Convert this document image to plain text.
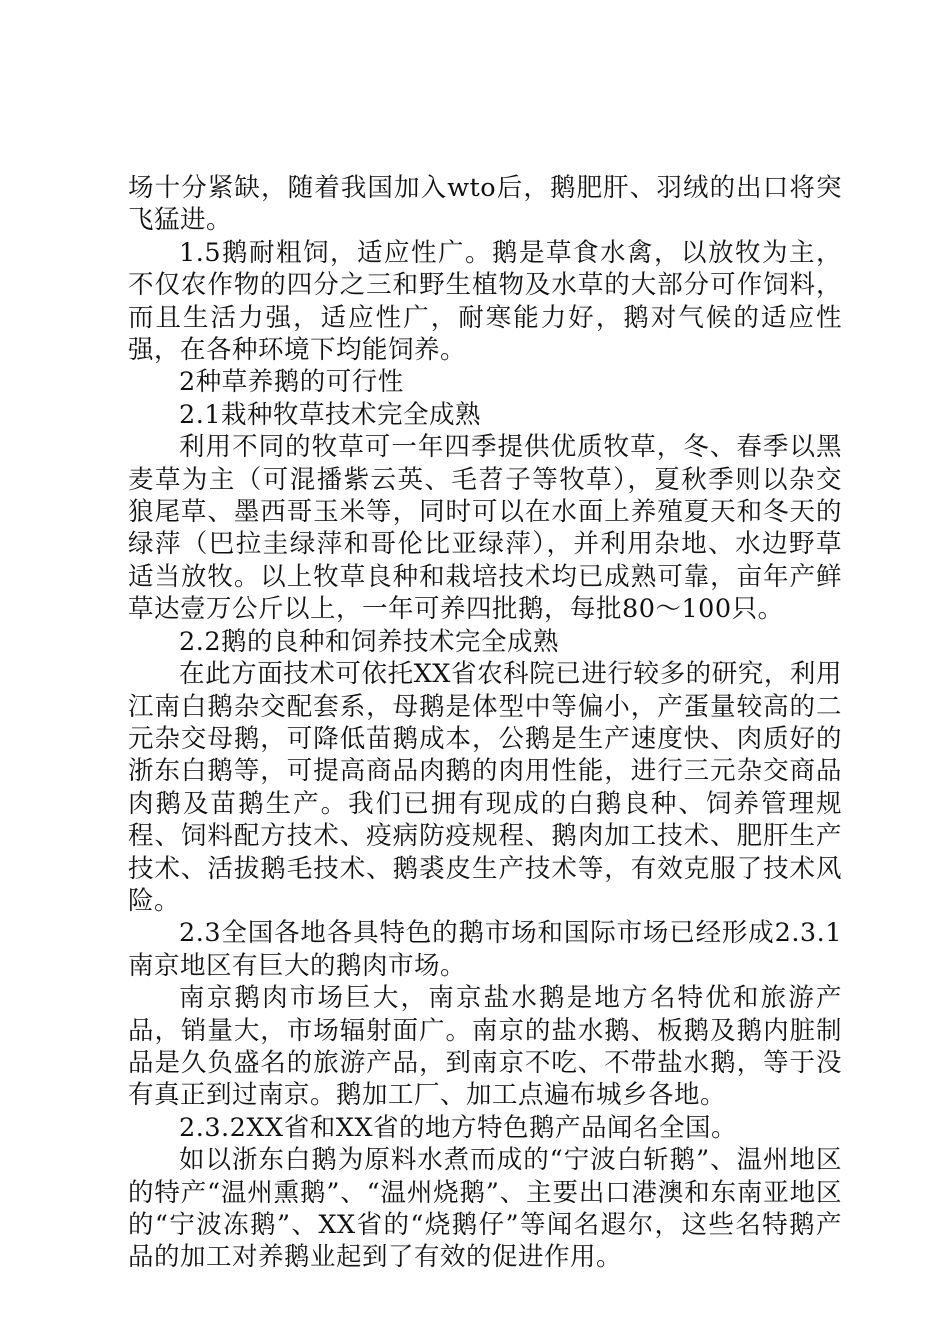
场十分紧缺，随着我国加入wto后，鹅肥肝、羽绒的出口将突飞猛进。

1.5鹅耐粗饲，适应性广。鹅是草食水禽，以放牧为主，不仅农作物的四分之三和野生植物及水草的大部分可作饲料，而且生活力强，适应性广，耐寒能力好，鹅对气候的适应性强，在各种环境下均能饲养。

2种草养鹅的可行性

2.1栽种牧草技术完全成熟

利用不同的牧草可一年四季提供优质牧草，冬、春季以黑麦草为主（可混播紫云英、毛苕子等牧草），夏秋季则以杂交狼尾草、墨西哥玉米等，同时可以在水面上养殖夏天和冬天的绿萍（巴拉圭绿萍和哥伦比亚绿萍），并利用杂地、水边野草适当放牧。以上牧草良种和栽培技术均已成熟可靠，亩年产鲜草达壹万公斤以上，一年可养四批鹅，每批80～100只。

2.2鹅的良种和饲养技术完全成熟

在此方面技术可依托XX省农科院已进行较多的研究，利用江南白鹅杂交配套系，母鹅是体型中等偏小，产蛋量较高的二元杂交母鹅，可降低苗鹅成本，公鹅是生产速度快、肉质好的浙东白鹅等，可提高商品肉鹅的肉用性能，进行三元杂交商品肉鹅及苗鹅生产。我们已拥有现成的白鹅良种、饲养管理规程、饲料配方技术、疫病防疫规程、鹅肉加工技术、肥肝生产技术、活拔鹅毛技术、鹅裘皮生产技术等，有效克服了技术风险。

2.3全国各地各具特色的鹅市场和国际市场已经形成2.3.1南京地区有巨大的鹅肉市场。

南京鹅肉市场巨大，南京盐水鹅是地方名特优和旅游产品，销量大，市场辐射面广。南京的盐水鹅、板鹅及鹅内脏制品是久负盛名的旅游产品，到南京不吃、不带盐水鹅，等于没有真正到过南京。鹅加工厂、加工点遍布城乡各地。

2.3.2XX省和XX省的地方特色鹅产品闻名全国。

如以浙东白鹅为原料水煮而成的“宁波白斩鹅”、温州地区的特产“温州熏鹅”、“温州烧鹅”、主要出口港澳和东南亚地区的“宁波冻鹅”、XX省的“烧鹅仔”等闻名遐尔，这些名特鹅产品的加工对养鹅业起到了有效的促进作用。
